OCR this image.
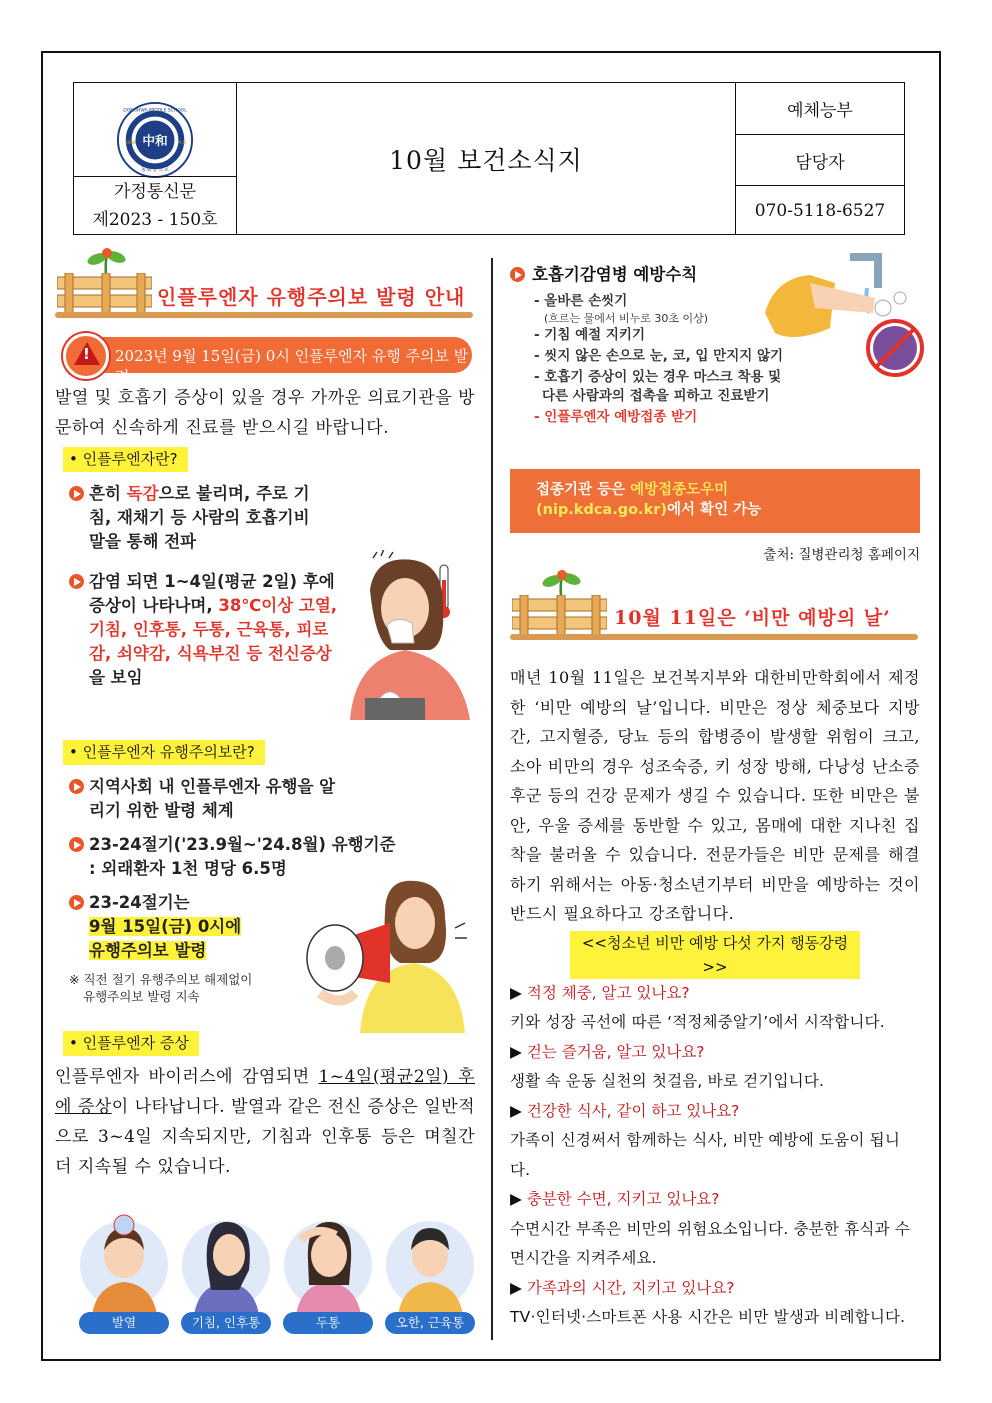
中和
1948	A.D
동화중학교
DONGHWA MIDDLE SCHOOL
가정통신문
제2023 - 150호
10월 보건소식지
예체능부
담당자
070-5118-6527
인플루엔자 유행주의보 발령 안내
! 2023년 9월 15일(금) 0시 인플루엔자 유행 주의보 발령
발열 및 호흡기 증상이 있을 경우 가까운 의료기관을 방문하여 신속하게 진료를 받으시길 바랍니다.
• 인플루엔자란?
흔히 독감으로 불리며, 주로 기침, 재채기 등 사람의 호흡기비말을 통해 전파
감염 되면 1~4일(평균 2일) 후에 증상이 나타나며, 38℃이상 고열, 기침, 인후통, 두통, 근육통, 피로감, 쇠약감, 식욕부진 등 전신증상을 보임
• 인플루엔자 유행주의보란?
지역사회 내 인플루엔자 유행을 알리기 위한 발령 체계
23-24절기('23.9월~'24.8월) 유행기준 : 외래환자 1천 명당 6.5명
23-24절기는
9월 15일(금) 0시에
유행주의보 발령
※ 직전 절기 유행주의보 해제없이
유행주의보 발령 지속
• 인플루엔자 증상
인플루엔자 바이러스에 감염되면 1~4일(평균2일) 후에 증상이 나타납니다. 발열과 같은 전신 증상은 일반적으로 3~4일 지속되지만, 기침과 인후통 등은 며칠간 더 지속될 수 있습니다.
발열	기침, 인후통	두통	오한, 근육통
호흡기감염병 예방수칙
- 올바른 손씻기
(흐르는 물에서 비누로 30초 이상)
- 기침 예절 지키기
- 씻지 않은 손으로 눈, 코, 입 만지지 않기
- 호흡기 증상이 있는 경우 마스크 착용 및
다른 사람과의 접촉을 피하고 진료받기
- 인플루엔자 예방접종 받기
접종기관 등은 예방접종도우미
(nip.kdca.go.kr)에서 확인 가능
출처: 질병관리청 홈페이지
10월 11일은 ‘비만 예방의 날’
매년 10월 11일은 보건복지부와 대한비만학회에서 제정한 ‘비만 예방의 날’입니다. 비만은 정상 체중보다 지방간, 고지혈증, 당뇨 등의 합병증이 발생할 위험이 크고, 소아 비만의 경우 성조숙증, 키 성장 방해, 다낭성 난소증후군 등의 건강 문제가 생길 수 있습니다. 또한 비만은 불안, 우울 증세를 동반할 수 있고, 몸매에 대한 지나친 집착을 불러올 수 있습니다. 전문가들은 비만 문제를 해결하기 위해서는 아동·청소년기부터 비만을 예방하는 것이 반드시 필요하다고 강조합니다.
<<청소년 비만 예방 다섯 가지 행동강령>>
▶ 적정 체중, 알고 있나요?
키와 성장 곡선에 따른 ‘적정체중알기’에서 시작합니다.
▶ 걷는 즐거움, 알고 있나요?
생활 속 운동 실천의 첫걸음, 바로 걷기입니다.
▶ 건강한 식사, 같이 하고 있나요?
가족이 신경써서 함께하는 식사, 비만 예방에 도움이 됩니다.
▶ 충분한 수면, 지키고 있나요?
수면시간 부족은 비만의 위험요소입니다. 충분한 휴식과 수면시간을 지켜주세요.
▶ 가족과의 시간, 지키고 있나요?
TV·인터넷·스마트폰 사용 시간은 비만 발생과 비례합니다.
